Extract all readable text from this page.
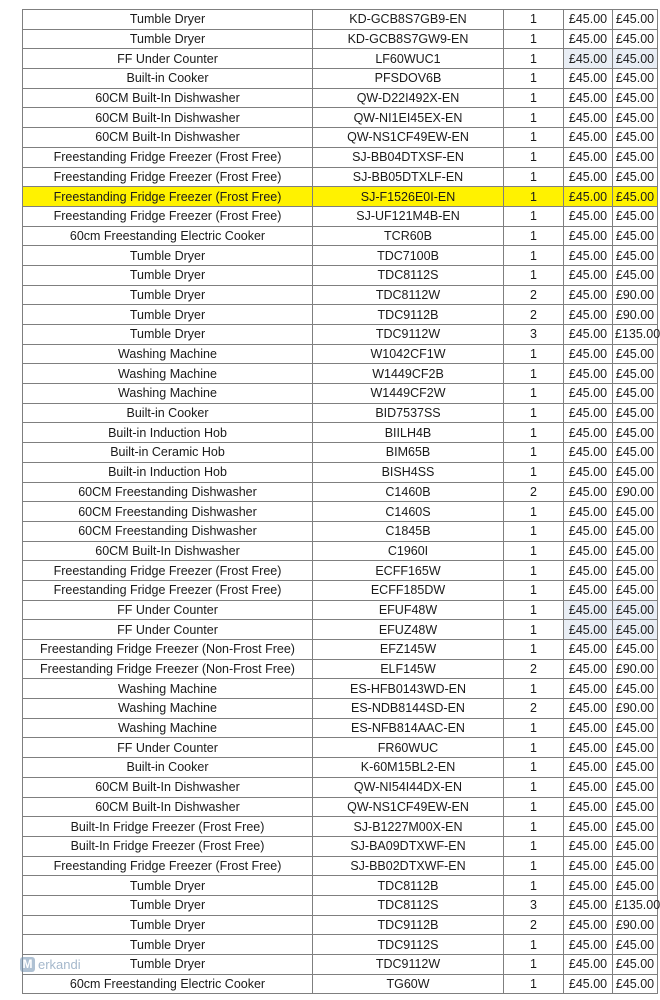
Tumble Dryer	KD-GCB8S7GB9-EN	1	£45.00	£45.00
Tumble Dryer	KD-GCB8S7GW9-EN	1	£45.00	£45.00
FF Under Counter	LF60WUC1	1	£45.00	£45.00
Built-in Cooker	PFSDOV6B	1	£45.00	£45.00
60CM Built-In Dishwasher	QW-D22I492X-EN	1	£45.00	£45.00
60CM Built-In Dishwasher	QW-NI1EI45EX-EN	1	£45.00	£45.00
60CM Built-In Dishwasher	QW-NS1CF49EW-EN	1	£45.00	£45.00
Freestanding Fridge Freezer (Frost Free)	SJ-BB04DTXSF-EN	1	£45.00	£45.00
Freestanding Fridge Freezer (Frost Free)	SJ-BB05DTXLF-EN	1	£45.00	£45.00
Freestanding Fridge Freezer (Frost Free)	SJ-F1526E0I-EN	1	£45.00	£45.00
Freestanding Fridge Freezer (Frost Free)	SJ-UF121M4B-EN	1	£45.00	£45.00
60cm Freestanding Electric Cooker	TCR60B	1	£45.00	£45.00
Tumble Dryer	TDC7100B	1	£45.00	£45.00
Tumble Dryer	TDC8112S	1	£45.00	£45.00
Tumble Dryer	TDC8112W	2	£45.00	£90.00
Tumble Dryer	TDC9112B	2	£45.00	£90.00
Tumble Dryer	TDC9112W	3	£45.00	£135.00
Washing Machine	W1042CF1W	1	£45.00	£45.00
Washing Machine	W1449CF2B	1	£45.00	£45.00
Washing Machine	W1449CF2W	1	£45.00	£45.00
Built-in Cooker	BID7537SS	1	£45.00	£45.00
Built-in Induction Hob	BIILH4B	1	£45.00	£45.00
Built-in Ceramic Hob	BIM65B	1	£45.00	£45.00
Built-in Induction Hob	BISH4SS	1	£45.00	£45.00
60CM Freestanding Dishwasher	C1460B	2	£45.00	£90.00
60CM Freestanding Dishwasher	C1460S	1	£45.00	£45.00
60CM Freestanding Dishwasher	C1845B	1	£45.00	£45.00
60CM Built-In Dishwasher	C1960I	1	£45.00	£45.00
Freestanding Fridge Freezer (Frost Free)	ECFF165W	1	£45.00	£45.00
Freestanding Fridge Freezer (Frost Free)	ECFF185DW	1	£45.00	£45.00
FF Under Counter	EFUF48W	1	£45.00	£45.00
FF Under Counter	EFUZ48W	1	£45.00	£45.00
Freestanding Fridge Freezer (Non-Frost Free)	EFZ145W	1	£45.00	£45.00
Freestanding Fridge Freezer (Non-Frost Free)	ELF145W	2	£45.00	£90.00
Washing Machine	ES-HFB0143WD-EN	1	£45.00	£45.00
Washing Machine	ES-NDB8144SD-EN	2	£45.00	£90.00
Washing Machine	ES-NFB814AAC-EN	1	£45.00	£45.00
FF Under Counter	FR60WUC	1	£45.00	£45.00
Built-in Cooker	K-60M15BL2-EN	1	£45.00	£45.00
60CM Built-In Dishwasher	QW-NI54I44DX-EN	1	£45.00	£45.00
60CM Built-In Dishwasher	QW-NS1CF49EW-EN	1	£45.00	£45.00
Built-In Fridge Freezer (Frost Free)	SJ-B1227M00X-EN	1	£45.00	£45.00
Built-In Fridge Freezer (Frost Free)	SJ-BA09DTXWF-EN	1	£45.00	£45.00
Freestanding Fridge Freezer (Frost Free)	SJ-BB02DTXWF-EN	1	£45.00	£45.00
Tumble Dryer	TDC8112B	1	£45.00	£45.00
Tumble Dryer	TDC8112S	3	£45.00	£135.00
Tumble Dryer	TDC9112B	2	£45.00	£90.00
Tumble Dryer	TDC9112S	1	£45.00	£45.00
Tumble Dryer	TDC9112W	1	£45.00	£45.00
60cm Freestanding Electric Cooker	TG60W	1	£45.00	£45.00
M erkandi
